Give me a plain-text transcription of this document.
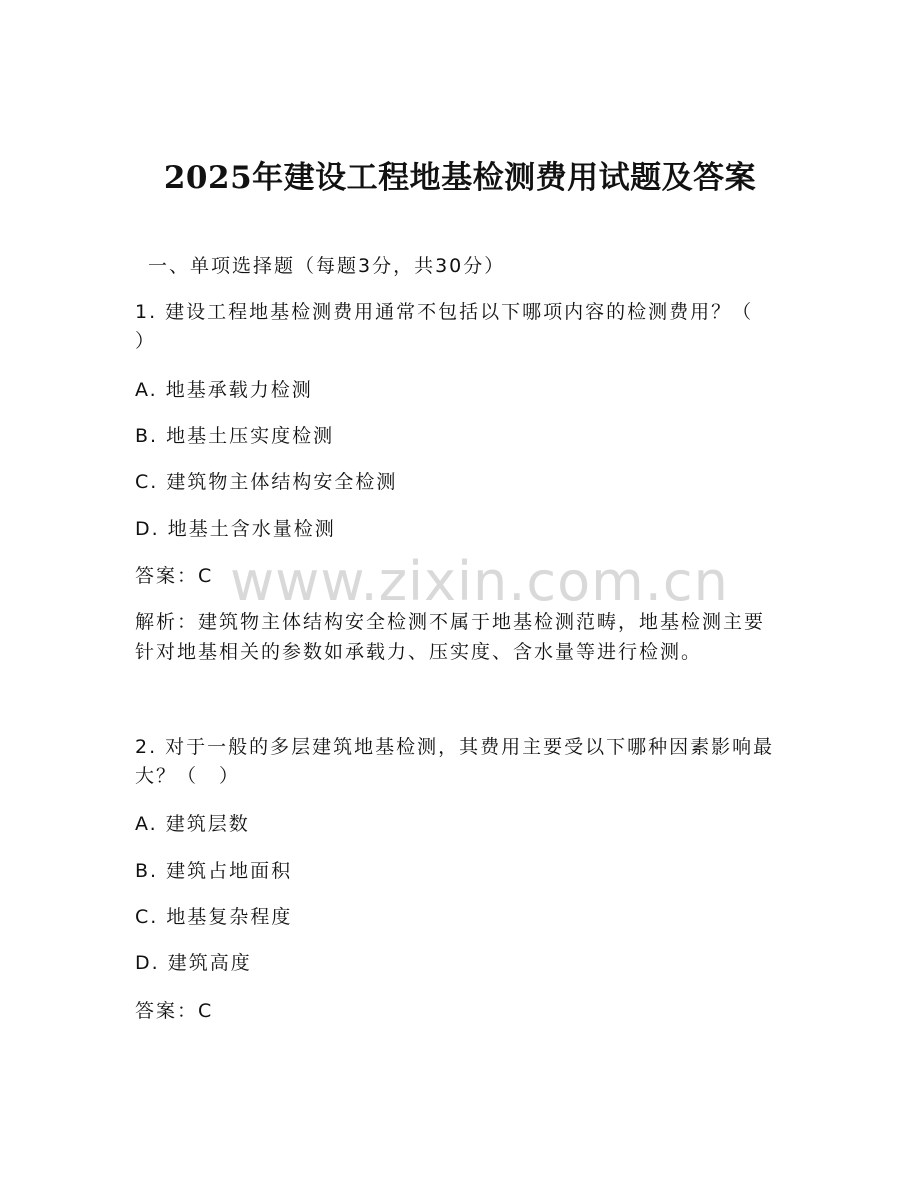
2025年建设工程地基检测费用试题及答案
一、单项选择题（每题3分，共30分）
1. 建设工程地基检测费用通常不包括以下哪项内容的检测费用？（
）
A. 地基承载力检测
B. 地基土压实度检测
C. 建筑物主体结构安全检测
D. 地基土含水量检测
答案：C
解析：建筑物主体结构安全检测不属于地基检测范畴，地基检测主要
针对地基相关的参数如承载力、压实度、含水量等进行检测。
2. 对于一般的多层建筑地基检测，其费用主要受以下哪种因素影响最
大？（　）
A. 建筑层数
B. 建筑占地面积
C. 地基复杂程度
D. 建筑高度
答案：C
www.zixin.com.cn
